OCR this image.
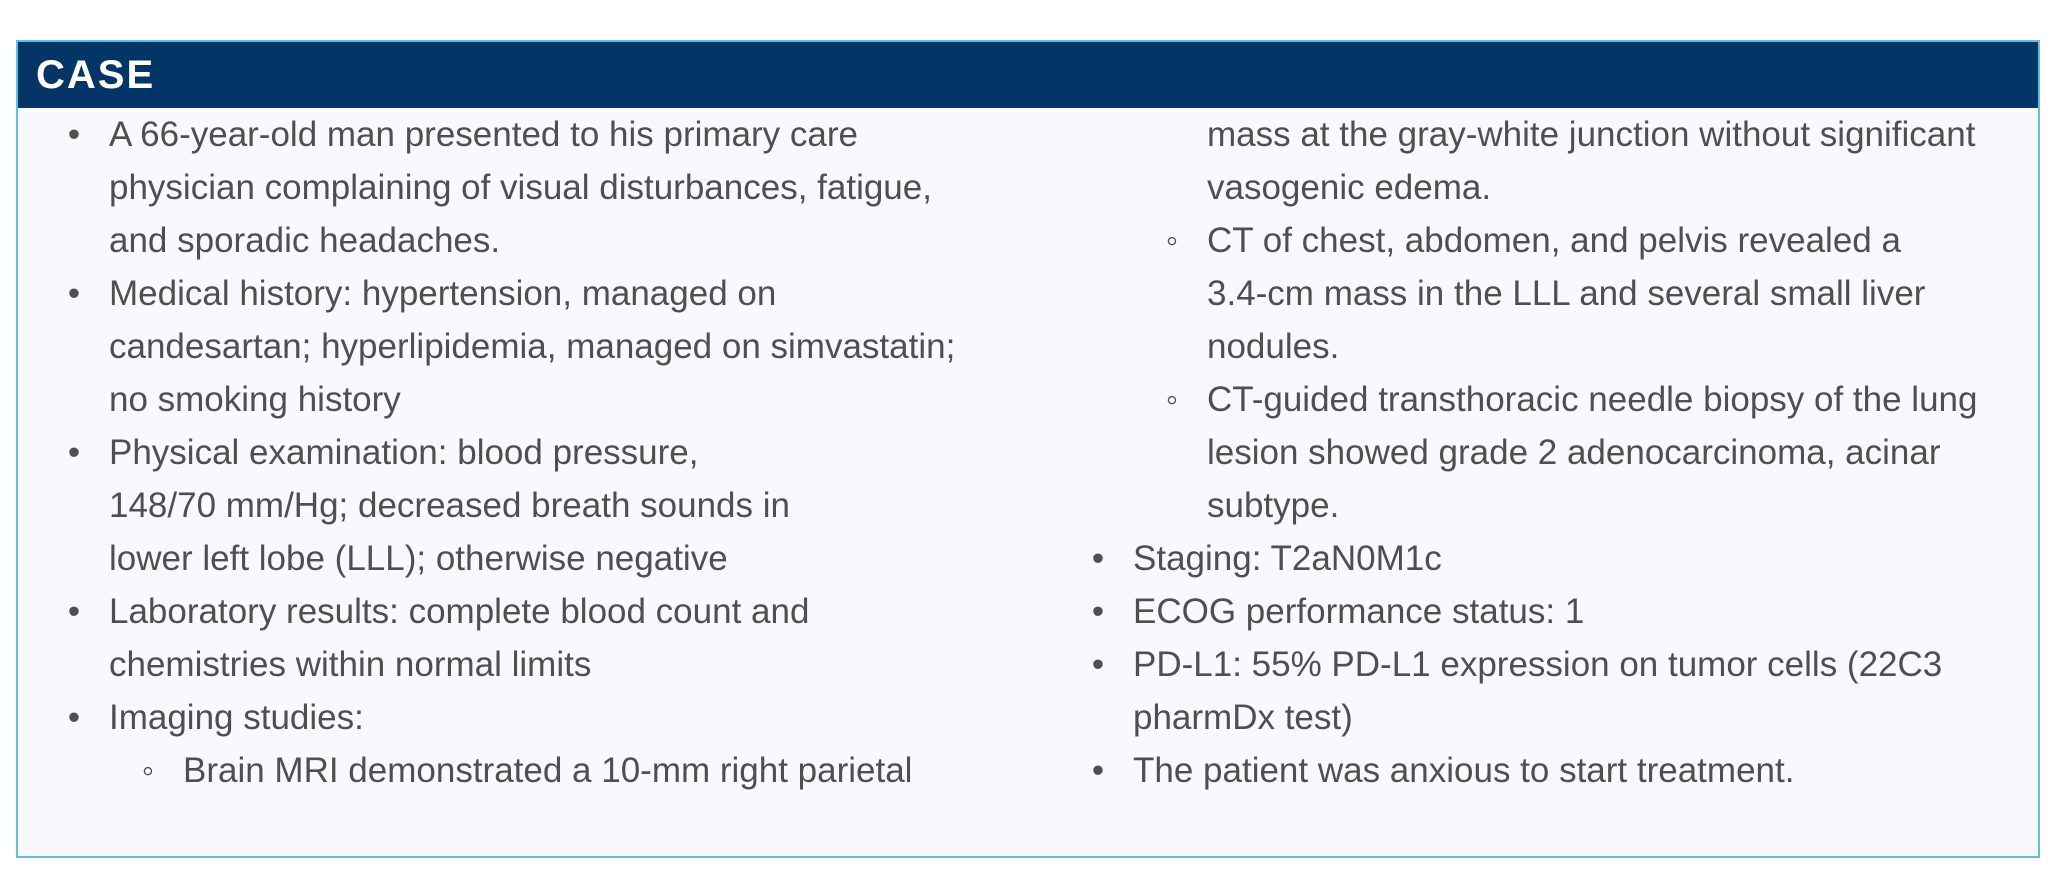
CASE
• A 66-year-old man presented to his primary care
physician complaining of visual disturbances, fatigue,
and sporadic headaches.
• Medical history: hypertension, managed on
candesartan; hyperlipidemia, managed on simvastatin;
no smoking history
• Physical examination: blood pressure,
148/70 mm/Hg; decreased breath sounds in
lower left lobe (LLL); otherwise negative
• Laboratory results: complete blood count and
chemistries within normal limits
• Imaging studies:
◦ Brain MRI demonstrated a 10-mm right parietal
mass at the gray-white junction without significant
vasogenic edema.
◦ CT of chest, abdomen, and pelvis revealed a
3.4-cm mass in the LLL and several small liver
nodules.
◦ CT-guided transthoracic needle biopsy of the lung
lesion showed grade 2 adenocarcinoma, acinar
subtype.
• Staging: T2aN0M1c
• ECOG performance status: 1
• PD-L1: 55% PD-L1 expression on tumor cells (22C3
pharmDx test)
• The patient was anxious to start treatment.
